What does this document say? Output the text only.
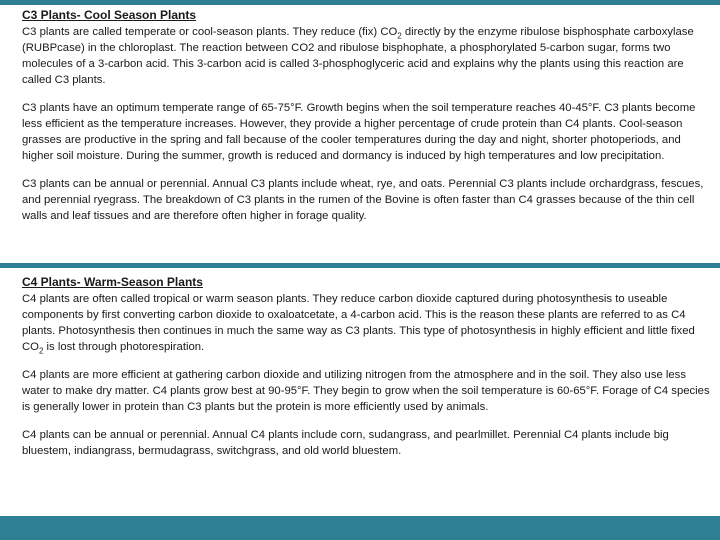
C3 Plants- Cool Season Plants

C3 plants are called temperate or cool-season plants. They reduce (fix) $CO_2$ directly by the enzyme ribulose bisphosphate carboxylase (RUBPcase) in the chloroplast. The reaction between CO2 and ribulose bisphophate, a phosphorylated 5-carbon sugar, forms two molecules of a 3-carbon acid. This 3-carbon acid is called 3-phosphoglyceric acid and explains why the plants using this reaction are called C3 plants.

C3 plants have an optimum temperate range of 65-75°F. Growth begins when the soil temperature reaches 40-45°F. C3 plants become less efficient as the temperature increases. However, they provide a higher percentage of crude protein than C4 plants. Cool-season grasses are productive in the spring and fall because of the cooler temperatures during the day and night, shorter photoperiods, and higher soil moisture. During the summer, growth is reduced and dormancy is induced by high temperatures and low precipitation.

C3 plants can be annual or perennial. Annual C3 plants include wheat, rye, and oats. Perennial C3 plants include orchardgrass, fescues, and perennial ryegrass. The breakdown of C3 plants in the rumen of the Bovine is often faster than C4 grasses because of the thin cell walls and leaf tissues and are therefore often higher in forage quality.

C4 Plants- Warm-Season Plants

C4 plants are often called tropical or warm season plants. They reduce carbon dioxide captured during photosynthesis to useable components by first converting carbon dioxide to oxaloatcetate, a 4-carbon acid. This is the reason these plants are referred to as C4 plants. Photosynthesis then continues in much the same way as C3 plants. This type of photosynthesis in highly efficient and little fixed $CO_2$ is lost through photorespiration.

C4 plants are more efficient at gathering carbon dioxide and utilizing nitrogen from the atmosphere and in the soil. They also use less water to make dry matter. C4 plants grow best at 90-95°F. They begin to grow when the soil temperature is 60-65°F. Forage of C4 species is generally lower in protein than C3 plants but the protein is more efficiently used by animals.

C4 plants can be annual or perennial. Annual C4 plants include corn, sudangrass, and pearlmillet. Perennial C4 plants include big bluestem, indiangrass, bermudagrass, switchgrass, and old world bluestem.
